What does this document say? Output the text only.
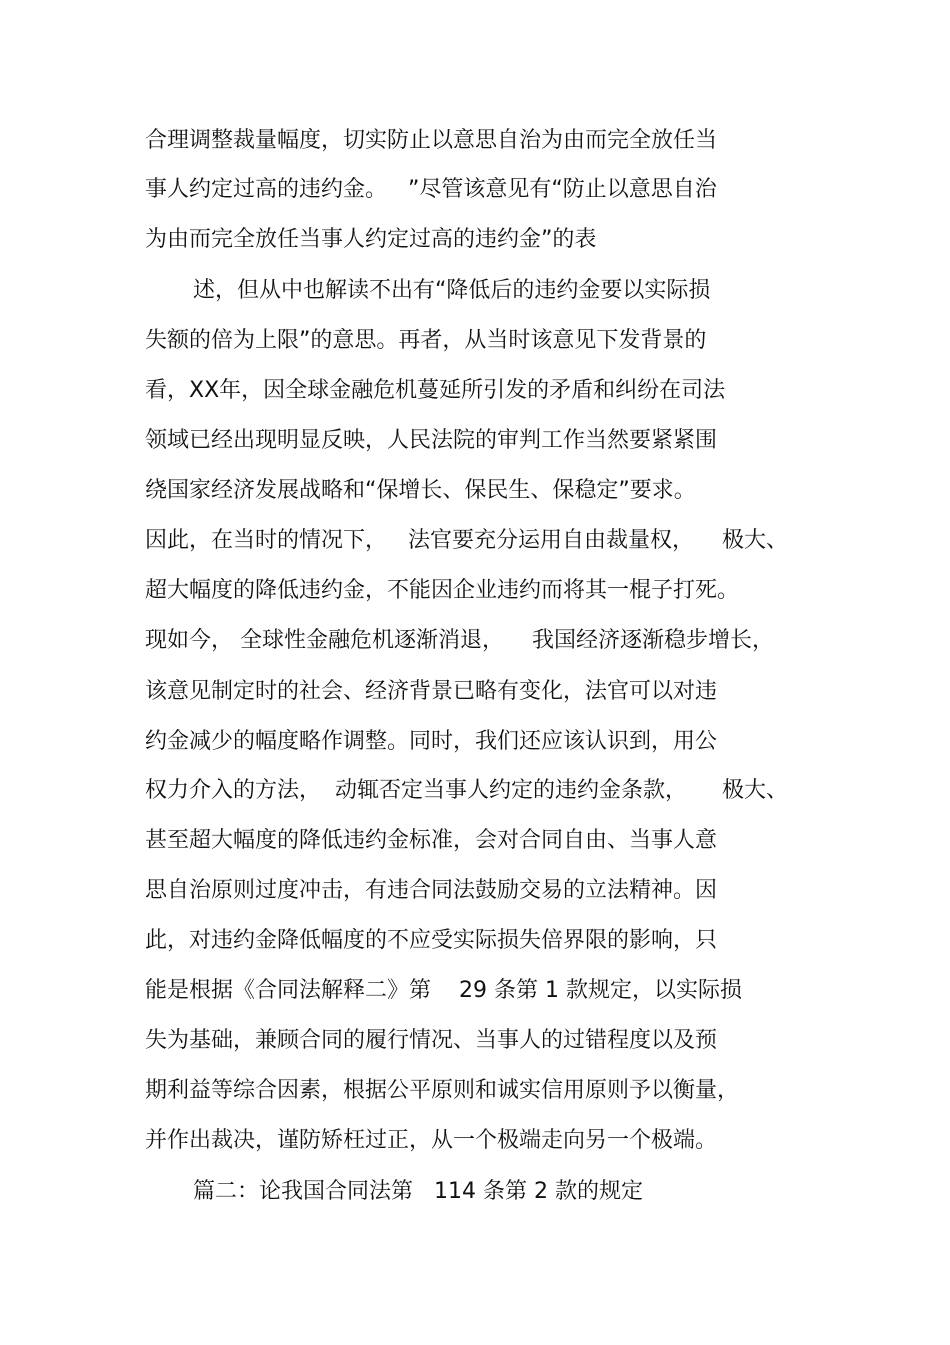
合理调整裁量幅度，切实防止以意思自治为由而完全放任当
事人约定过高的违约金。   ”尽管该意见有“防止以意思自治
为由而完全放任当事人约定过高的违约金”的表
述，但从中也解读不出有“降低后的违约金要以实际损
失额的倍为上限”的意思。再者，从当时该意见下发背景的
看，XX年，因全球金融危机蔓延所引发的矛盾和纠纷在司法
领域已经出现明显反映，人民法院的审判工作当然要紧紧围
绕国家经济发展战略和“保增长、保民生、保稳定”要求。
因此，在当时的情况下，   法官要充分运用自由裁量权，    极大、
超大幅度的降低违约金，不能因企业违约而将其一棍子打死。
现如今， 全球性金融危机逐渐消退，    我国经济逐渐稳步增长，
该意见制定时的社会、经济背景已略有变化，法官可以对违
约金减少的幅度略作调整。同时，我们还应该认识到，用公
权力介入的方法，  动辄否定当事人约定的违约金条款，     极大、
甚至超大幅度的降低违约金标准，会对合同自由、当事人意
思自治原则过度冲击，有违合同法鼓励交易的立法精神。因
此，对违约金降低幅度的不应受实际损失倍界限的影响，只
能是根据《合同法解释二》第    29 条第 1 款规定，以实际损
失为基础，兼顾合同的履行情况、当事人的过错程度以及预
期利益等综合因素，根据公平原则和诚实信用原则予以衡量，
并作出裁决，谨防矫枉过正，从一个极端走向另一个极端。
篇二：论我国合同法第   114 条第 2 款的规定
